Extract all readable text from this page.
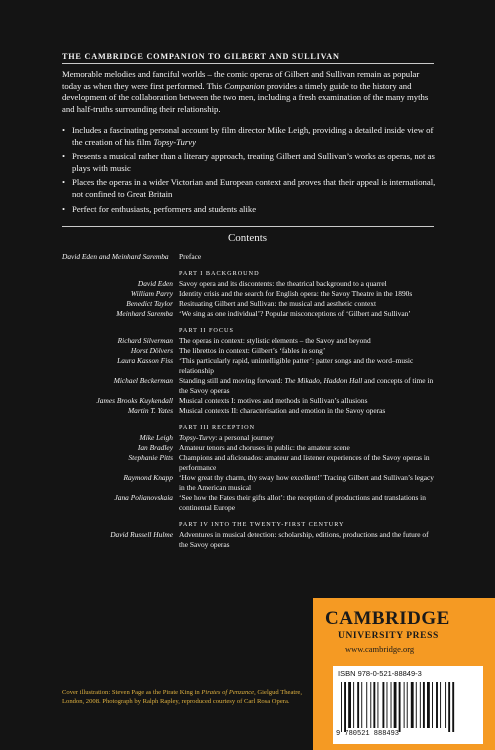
THE CAMBRIDGE COMPANION TO GILBERT AND SULLIVAN

Memorable melodies and fanciful worlds – the comic operas of Gilbert and Sullivan remain as popular today as when they were first performed. This Companion provides a timely guide to the history and development of the collaboration between the two men, including a fresh examination of the many myths and half-truths surrounding their relationship.

• Includes a fascinating personal account by film director Mike Leigh, providing a detailed inside view of the creation of his film Topsy-Turvy
• Presents a musical rather than a literary approach, treating Gilbert and Sullivan’s works as operas, not as plays with music
• Places the operas in a wider Victorian and European context and proves that their appeal is international, not confined to Great Britain
• Perfect for enthusiasts, performers and students alike
Contents
David Eden and Meinhard Saremba	Preface
PART I BACKGROUND
David Eden Savoy opera and its discontents: the theatrical background to a quarrel
William Parry Identity crisis and the search for English opera: the Savoy Theatre in the 1890s
Benedict Taylor Resituating Gilbert and Sullivan: the musical and aesthetic context
Meinhard Saremba ‘We sing as one individual’? Popular misconceptions of ‘Gilbert and Sullivan’
PART II FOCUS
Richard Silverman The operas in context: stylistic elements – the Savoy and beyond
Horst Dölvers The librettos in context: Gilbert’s ‘fables in song’
Laura Kasson Fiss ‘This particularly rapid, unintelligible patter’: patter songs and the word–music relationship
Michael Beckerman Standing still and moving forward: The Mikado, Haddon Hall and concepts of time in the Savoy operas
James Brooks Kuykendall Musical contexts I: motives and methods in Sullivan’s allusions
Martin T. Yates Musical contexts II: characterisation and emotion in the Savoy operas
PART III RECEPTION
Mike Leigh Topsy-Turvy: a personal journey
Ian Bradley Amateur tenors and choruses in public: the amateur scene
Stephanie Pitts Champions and aficionados: amateur and listener experiences of the Savoy operas in performance
Raymond Knapp ‘How great thy charm, thy sway how excellent!’ Tracing Gilbert and Sullivan’s legacy in the American musical
Jana Polianovskaia ‘See how the Fates their gifts allot’: the reception of productions and translations in continental Europe
PART IV INTO THE TWENTY-FIRST CENTURY
David Russell Hulme Adventures in musical detection: scholarship, editions, productions and the future of the Savoy operas
CAMBRIDGE
UNIVERSITY PRESS
www.cambridge.org
ISBN 978-0-521-88849-3
9 780521 888493
Cover illustration: Steven Page as the Pirate King in Pirates of Penzance, Gielgud Theatre, London, 2008. Photograph by Ralph Rapley, reproduced courtesy of Carl Rosa Opera.
